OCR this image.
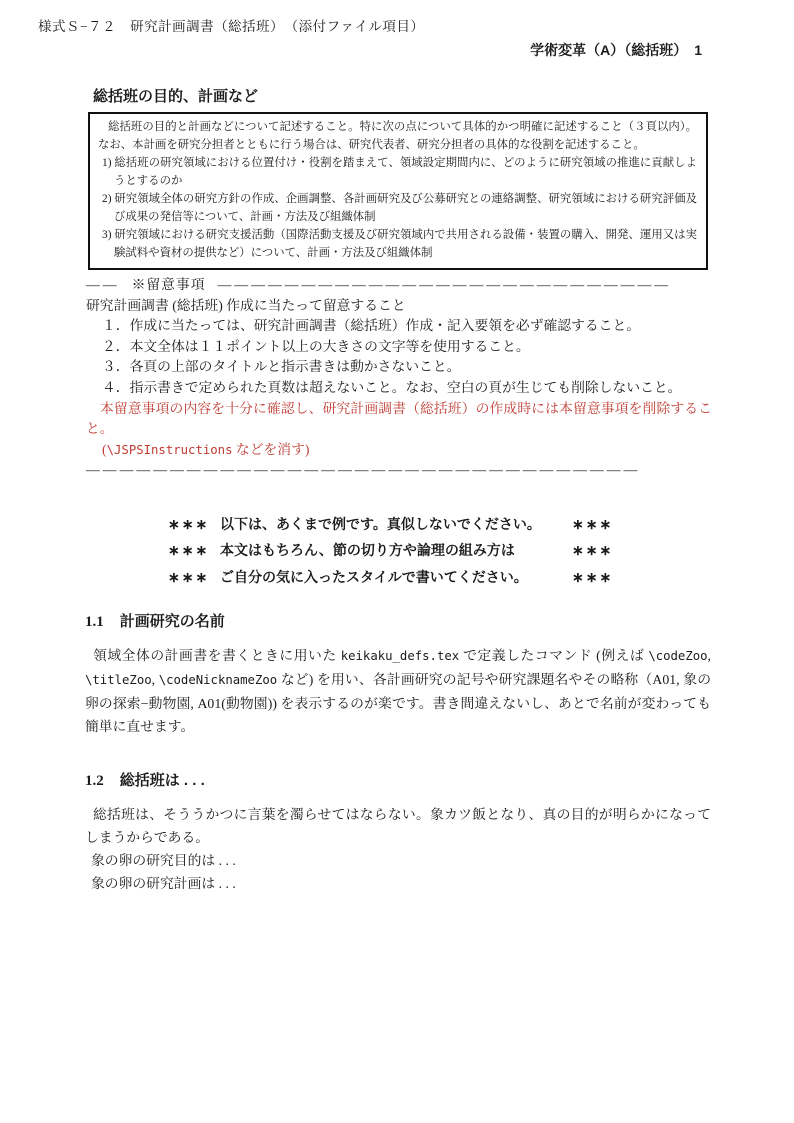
様式Ｓ−７２　研究計画調書（総括班）　（添付ファイル項目）
学術変革（A）（総括班）　1
総括班の目的、計画など
総括班の目的と計画などについて記述すること。特に次の点について具体的かつ明確に記述すること（３頁以内）。なお、本計画を研究分担者とともに行う場合は、研究代表者、研究分担者の具体的な役割を記述すること。
1) 総括班の研究領域における位置付け・役割を踏まえて、領域設定期間内に、どのように研究領域の推進に貢献しようとするのか
2) 研究領域全体の研究方針の作成、企画調整、各計画研究及び公募研究との連絡調整、研究領域における研究評価及び成果の発信等について、計画・方法及び組織体制
3) 研究領域における研究支援活動（国際活動支援及び研究領域内で共用される設備・装置の購入、開発、運用又は実験試料や資材の提供など）について、計画・方法及び組織体制
—— ※留意事項 ———————————————————————————
研究計画調書 (総括班) 作成に当たって留意すること
１．作成に当たっては、研究計画調書（総括班）作成・記入要領を必ず確認すること。
２．本文全体は１１ポイント以上の大きさの文字等を使用すること。
３．各頁の上部のタイトルと指示書きは動かさないこと。
４．指示書きで定められた頁数は超えないこと。なお、空白の頁が生じても削除しないこと。
本留意事項の内容を十分に確認し、研究計画調書（総括班）の作成時には本留意事項を削除すること。
(\JSPSInstructions などを消す)
—————————————————————————————————
∗∗∗ 以下は、あくまで例です。真似しないでください。	∗∗∗
∗∗∗ 本文はもちろん、節の切り方や論理の組み方は	∗∗∗
∗∗∗ ご自分の気に入ったスタイルで書いてください。	∗∗∗
1.1 計画研究の名前

領域全体の計画書を書くときに用いた keikaku_defs.tex で定義したコマンド (例えば \codeZoo, \titleZoo, \codeNicknameZoo など) を用い、各計画研究の記号や研究課題名やその略称（A01, 象の卵の探索−動物園, A01(動物園)) を表示するのが楽です。書き間違えないし、あとで名前が変わっても簡単に直せます。

1.2 総括班は . . .

総括班は、そううかつに言葉を濁らせてはならない。象カツ飯となり、真の目的が明らかになってしまうからである。

象の卵の研究目的は . . .

象の卵の研究計画は . . .
